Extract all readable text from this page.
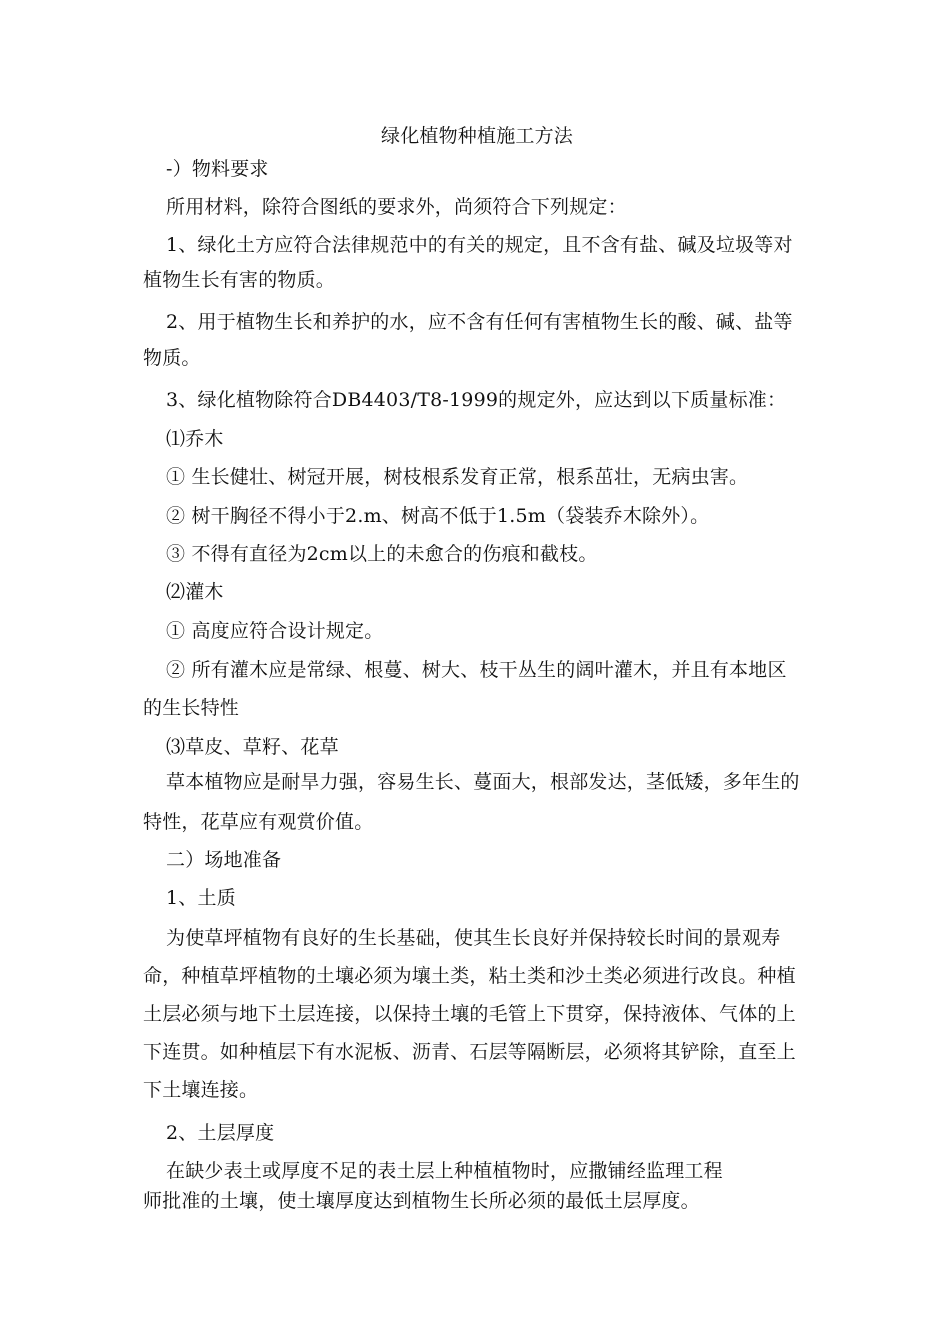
绿化植物种植施工方法
-）物料要求
所用材料，除符合图纸的要求外，尚须符合下列规定：
1、绿化土方应符合法律规范中的有关的规定，且不含有盐、碱及垃圾等对
植物生长有害的物质。
2、用于植物生长和养护的水，应不含有任何有害植物生长的酸、碱、盐等
物质。
3、绿化植物除符合DB4403/T8-1999的规定外，应达到以下质量标准：
⑴乔木
① 生长健壮、树冠开展，树枝根系发育正常，根系茁壮，无病虫害。
② 树干胸径不得小于2.m、树高不低于1.5m（袋装乔木除外）。
③ 不得有直径为2cm以上的未愈合的伤痕和截枝。
⑵灌木
① 高度应符合设计规定。
② 所有灌木应是常绿、根蔓、树大、枝干丛生的阔叶灌木，并且有本地区
的生长特性
⑶草皮、草籽、花草
草本植物应是耐旱力强，容易生长、蔓面大，根部发达，茎低矮，多年生的
特性，花草应有观赏价值。
二）场地准备
1、土质
为使草坪植物有良好的生长基础，使其生长良好并保持较长时间的景观寿
命，种植草坪植物的土壤必须为壤土类，粘土类和沙土类必须进行改良。种植
土层必须与地下土层连接，以保持土壤的毛管上下贯穿，保持液体、气体的上
下连贯。如种植层下有水泥板、沥青、石层等隔断层，必须将其铲除，直至上
下土壤连接。
2、土层厚度
在缺少表土或厚度不足的表土层上种植植物时，应撒铺经监理工程
师批准的土壤，使土壤厚度达到植物生长所必须的最低土层厚度。
